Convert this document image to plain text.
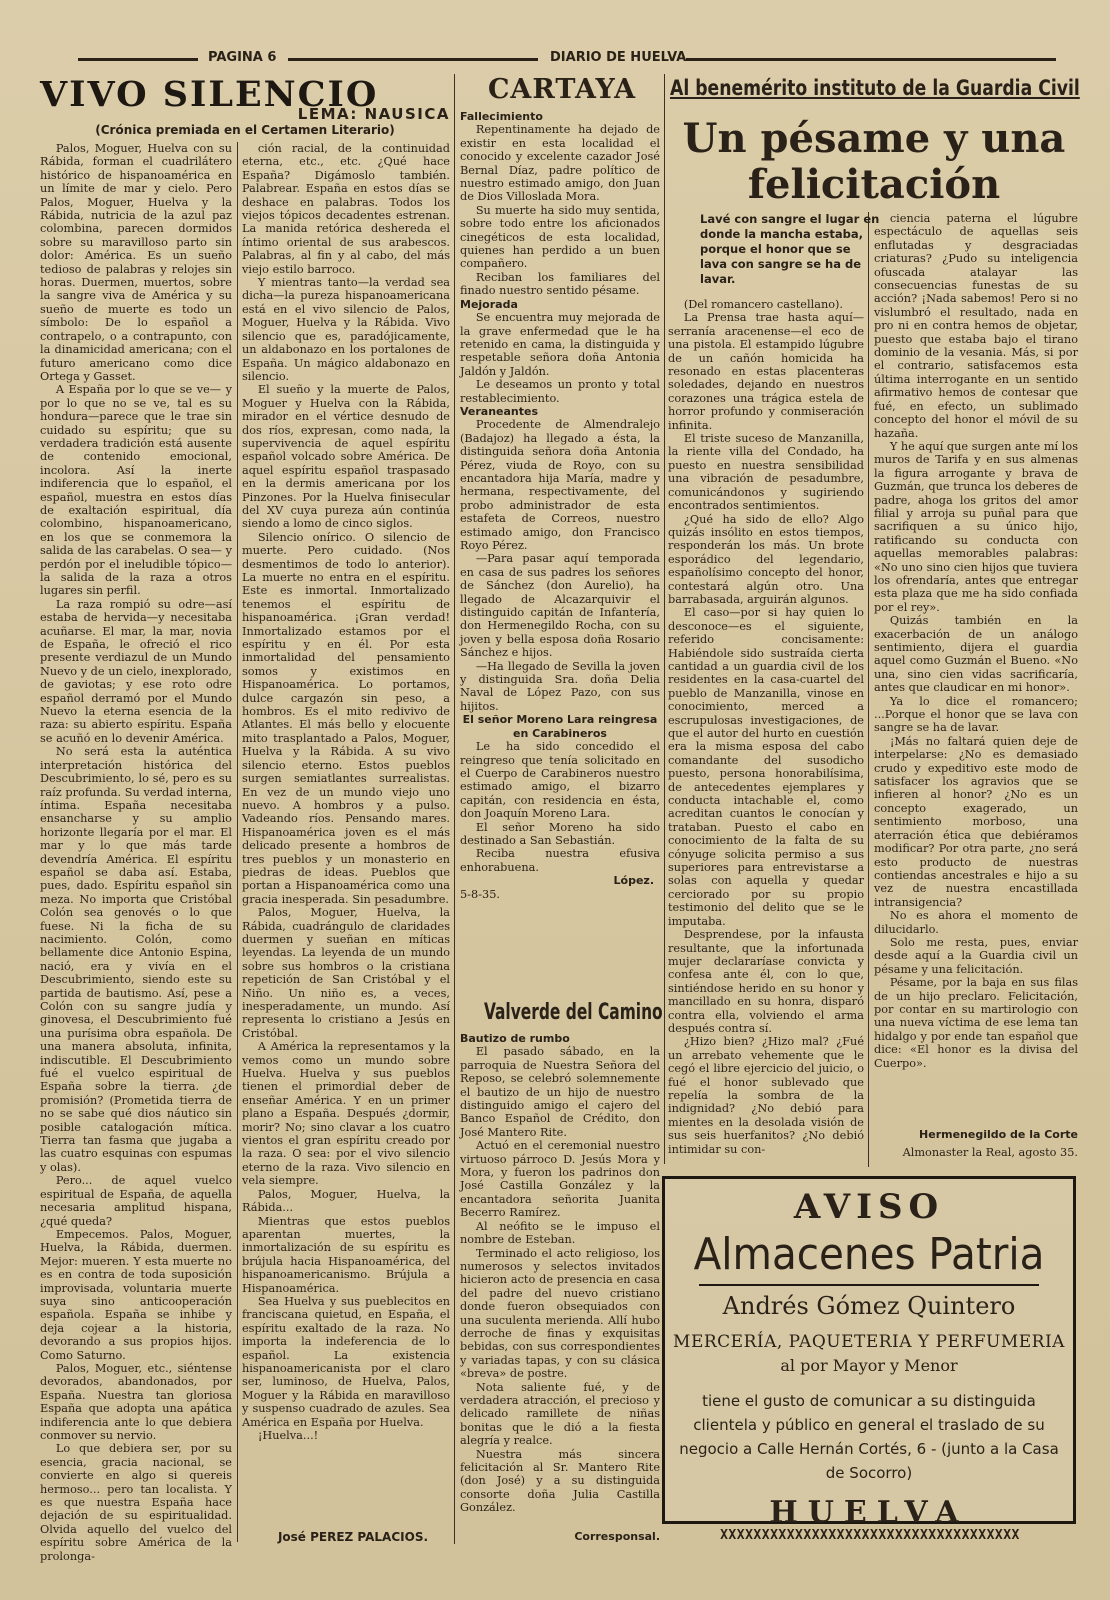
PAGINA 6	DIARIO DE HUELVA
VIVO SILENCIO
LEMA: NAUSICA
(Crónica premiada en el Certamen Literario)

Palos, Moguer, Huelva con su Rábida, forman el cuadrilátero histórico de hispanoamérica en un límite de mar y cielo. Pero Palos, Moguer, Huelva y la Rábida, nutricia de la azul paz colombina, parecen dormidos sobre su maravilloso parto sin dolor: América. Es un sueño tedioso de palabras y relojes sin horas. Duermen, muertos, sobre la sangre viva de América y su sueño de muerte es todo un símbolo: De lo español a contrapelo, o a contrapunto, con la dinamicidad americana; con el futuro americano como dice Ortega y Gasset.

A España por lo que se ve— y por lo que no se ve, tal es su hondura—parece que le trae sin cuidado su espíritu; que su verdadera tradición está ausente de contenido emocional, incolora. Así la inerte indiferencia que lo español, el español, muestra en estos días de exaltación espiritual, día colombino, hispanoamericano, en los que se conmemora la salida de las carabelas. O sea— y perdón por el ineludible tópico—la salida de la raza a otros lugares sin perfil.

La raza rompió su odre—así estaba de hervida—y necesitaba acuñarse. El mar, la mar, novia de España, le ofreció el rico presente verdiazul de un Mundo Nuevo y de un cielo, inexplorado, de gaviotas; y ese roto odre español derramó por el Mundo Nuevo la eterna esencia de la raza: su abierto espíritu. España se acuñó en lo devenir América.

No será esta la auténtica interpretación histórica del Descubrimiento, lo sé, pero es su raíz profunda. Su verdad interna, íntima. España necesitaba ensancharse y su amplio horizonte llegaría por el mar. El mar y lo que más tarde devendría América. El espíritu español se daba así. Estaba, pues, dado. Espíritu español sin meza. No importa que Cristóbal Colón sea genovés o lo que fuese. Ni la ficha de su nacimiento. Colón, como bellamente dice Antonio Espina, nació, era y vivía en el Descubrimiento, siendo este su partida de bautismo. Así, pese a Colón con su sangre judía y ginovesa, el Descubrimiento fué una purísima obra española. De una manera absoluta, infinita, indiscutible. El Descubrimiento fué el vuelco espiritual de España sobre la tierra. ¿de promisión? (Prometida tierra de no se sabe qué dios náutico sin posible catalogación mítica. Tierra tan fasma que jugaba a las cuatro esquinas con espumas y olas).

Pero... de aquel vuelco espiritual de España, de aquella necesaria amplitud hispana, ¿qué queda?

Empecemos. Palos, Moguer, Huelva, la Rábida, duermen. Mejor: mueren. Y esta muerte no es en contra de toda suposición improvisada, voluntaria muerte suya sino anticooperación española. España se inhibe y deja cojear a la historia, devorando a sus propios hijos. Como Saturno.

Palos, Moguer, etc., siéntense devorados, abandonados, por España. Nuestra tan gloriosa España que adopta una apática indiferencia ante lo que debiera conmover su nervio.

Lo que debiera ser, por su esencia, gracia nacional, se convierte en algo si quereis hermoso... pero tan localista. Y es que nuestra España hace dejación de su espiritualidad. Olvida aquello del vuelco del espíritu sobre América de la prolonga-

ción racial, de la continuidad eterna, etc., etc. ¿Qué hace España? Digámoslo también. Palabrear. España en estos días se deshace en palabras. Todos los viejos tópicos decadentes estrenan. La manida retórica deshereda el íntimo oriental de sus arabescos. Palabras, al fin y al cabo, del más viejo estilo barroco.

Y mientras tanto—la verdad sea dicha—la pureza hispanoamericana está en el vivo silencio de Palos, Moguer, Huelva y la Rábida. Vivo silencio que es, paradójicamente, un aldabonazo en los portalones de España. Un mágico aldabonazo en silencio.

El sueño y la muerte de Palos, Moguer y Huelva con la Rábida, mirador en el vértice desnudo de dos ríos, expresan, como nada, la supervivencia de aquel espíritu español volcado sobre América. De aquel espíritu español traspasado en la dermis americana por los Pinzones. Por la Huelva finisecular del XV cuya pureza aún continúa siendo a lomo de cinco siglos.

Silencio onírico. O silencio de muerte. Pero cuidado. (Nos desmentimos de todo lo anterior). La muerte no entra en el espíritu. Este es inmortal. Inmortalizado tenemos el espíritu de hispanoamérica. ¡Gran verdad! Inmortalizado estamos por el espíritu y en él. Por esta inmortalidad del pensamiento somos y existimos en Hispanoamérica. Lo portamos, dulce cargazón sin peso, a hombros. Es el mito redivivo de Atlantes. El más bello y elocuente mito trasplantado a Palos, Moguer, Huelva y la Rábida. A su vivo silencio eterno. Estos pueblos surgen semiatlantes surrealistas. En vez de un mundo viejo uno nuevo. A hombros y a pulso. Vadeando ríos. Pensando mares. Hispanoamérica joven es el más delicado presente a hombros de tres pueblos y un monasterio en piedras de ideas. Pueblos que portan a Hispanoamérica como una gracia inesperada. Sin pesadumbre.

Palos, Moguer, Huelva, la Rábida, cuadrángulo de claridades duermen y sueñan en míticas leyendas. La leyenda de un mundo sobre sus hombros o la cristiana repetición de San Cristóbal y el Niño. Un niño es, a veces, inesperadamente, un mundo. Así representa lo cristiano a Jesús en Cristóbal.

A América la representamos y la vemos como un mundo sobre Huelva. Huelva y sus pueblos tienen el primordial deber de enseñar América. Y en un primer plano a España. Después ¿dormir, morir? No; sino clavar a los cuatro vientos el gran espíritu creado por la raza. O sea: por el vivo silencio eterno de la raza. Vivo silencio en vela siempre.

Palos, Moguer, Huelva, la Rábida...

Mientras que estos pueblos aparentan muertes, la inmortalización de su espíritu es brújula hacia Hispanoamérica, del hispanoamericanismo. Brújula a Hispanoamérica.

Sea Huelva y sus pueblecitos en franciscana quietud, en España, el espíritu exaltado de la raza. No importa la indeferencia de lo español. La existencia hispanoamericanista por el claro ser, luminoso, de Huelva, Palos, Moguer y la Rábida en maravilloso y suspenso cuadrado de azules. Sea América en España por Huelva.

¡Huelva...!

José PEREZ PALACIOS.
CARTAYA

Fallecimiento

Repentinamente ha dejado de existir en esta localidad el conocido y excelente cazador José Bernal Díaz, padre político de nuestro estimado amigo, don Juan de Dios Villoslada Mora.

Su muerte ha sido muy sentida, sobre todo entre los aficionados cinegéticos de esta localidad, quienes han perdido a un buen compañero.

Reciban los familiares del finado nuestro sentido pésame.

Mejorada

Se encuentra muy mejorada de la grave enfermedad que le ha retenido en cama, la distinguida y respetable señora doña Antonia Jaldón y Jaldón.

Le deseamos un pronto y total restablecimiento.

Veraneantes

Procedente de Almendralejo (Badajoz) ha llegado a ésta, la distinguida señora doña Antonia Pérez, viuda de Royo, con su encantadora hija María, madre y hermana, respectivamente, del probo administrador de esta estafeta de Correos, nuestro estimado amigo, don Francisco Royo Pérez.

—Para pasar aquí temporada en casa de sus padres los señores de Sánchez (don Aurelio), ha llegado de Alcazarquivir el distinguido capitán de Infantería, don Hermenegildo Rocha, con su joven y bella esposa doña Rosario Sánchez e hijos.

—Ha llegado de Sevilla la joven y distinguida Sra. doña Delia Naval de López Pazo, con sus hijitos.

El señor Moreno Lara reingresa en Carabineros

Le ha sido concedido el reingreso que tenía solicitado en el Cuerpo de Carabineros nuestro estimado amigo, el bizarro capitán, con residencia en ésta, don Joaquín Moreno Lara.

El señor Moreno ha sido destinado a San Sebastián.

Reciba nuestra efusiva enhorabuena.

López.

5-8-35.

Valverde del Camino

Bautizo de rumbo

El pasado sábado, en la parroquia de Nuestra Señora del Reposo, se celebró solemnemente el bautizo de un hijo de nuestro distinguido amigo el cajero del Banco Español de Crédito, don José Mantero Rite.

Actuó en el ceremonial nuestro virtuoso párroco D. Jesús Mora y Mora, y fueron los padrinos don José Castilla González y la encantadora señorita Juanita Becerro Ramírez.

Al neófito se le impuso el nombre de Esteban.

Terminado el acto religioso, los numerosos y selectos invitados hicieron acto de presencia en casa del padre del nuevo cristiano donde fueron obsequiados con una suculenta merienda. Allí hubo derroche de finas y exquisitas bebidas, con sus correspondientes y variadas tapas, y con su clásica «breva» de postre.

Nota saliente fué, y de verdadera atracción, el precioso y delicado ramillete de niñas bonitas que le dió a la fiesta alegría y realce.

Nuestra más sincera felicitación al Sr. Mantero Rite (don José) y a su distinguida consorte doña Julia Castilla González.

Corresponsal.
Al benemérito instituto de la Guardia Civil
Un pésame y una felicitación
Lavé con sangre el lugar en donde la mancha estaba, porque el honor que se lava con sangre se ha de lavar.

(Del romancero castellano).

La Prensa trae hasta aquí—serranía aracenense—el eco de una pistola. El estampido lúgubre de un cañón homicida ha resonado en estas placenteras soledades, dejando en nuestros corazones una trágica estela de horror profundo y conmiseración infinita.

El triste suceso de Manzanilla, la riente villa del Condado, ha puesto en nuestra sensibilidad una vibración de pesadumbre, comunicándonos y sugiriendo encontrados sentimientos.

¿Qué ha sido de ello? Algo quizás insólito en estos tiempos, responderán los más. Un brote esporádico del legendario, españolísimo concepto del honor, contestará algún otro. Una barrabasada, arguirán algunos.

El caso—por si hay quien lo desconoce—es el siguiente, referido concisamente: Habiéndole sido sustraída cierta cantidad a un guardia civil de los residentes en la casa-cuartel del pueblo de Manzanilla, vinose en conocimiento, merced a escrupulosas investigaciones, de que el autor del hurto en cuestión era la misma esposa del cabo comandante del susodicho puesto, persona honorabilísima, de antecedentes ejemplares y conducta intachable el, como acreditan cuantos le conocían y trataban. Puesto el cabo en conocimiento de la falta de su cónyuge solicita permiso a sus superiores para entrevistarse a solas con aquella y quedar cerciorado por su propio testimonio del delito que se le imputaba.

Desprendese, por la infausta resultante, que la infortunada mujer declararíase convicta y confesa ante él, con lo que, sintiéndose herido en su honor y mancillado en su honra, disparó contra ella, volviendo el arma después contra sí.

¿Hizo bien? ¿Hizo mal? ¿Fué un arrebato vehemente que le cegó el libre ejercicio del juicio, o fué el honor sublevado que repelía la sombra de la indignidad? ¿No debió para mientes en la desolada visión de sus seis huerfanitos? ¿No debió intimidar su con-

ciencia paterna el lúgubre espectáculo de aquellas seis enflutadas y desgraciadas criaturas? ¿Pudo su inteligencia ofuscada atalayar las consecuencias funestas de su acción? ¡Nada sabemos! Pero si no vislumbró el resultado, nada en pro ni en contra hemos de objetar, puesto que estaba bajo el tirano dominio de la vesania. Más, si por el contrario, satisfacemos esta última interrogante en un sentido afirmativo hemos de contesar que fué, en efecto, un sublimado concepto del honor el móvil de su hazaña.

Y he aquí que surgen ante mí los muros de Tarifa y en sus almenas la figura arrogante y brava de Guzmán, que trunca los deberes de padre, ahoga los gritos del amor filial y arroja su puñal para que sacrifiquen a su único hijo, ratificando su conducta con aquellas memorables palabras: «No uno sino cien hijos que tuviera los ofrendaría, antes que entregar esta plaza que me ha sido confiada por el rey».

Quizás también en la exacerbación de un análogo sentimiento, dijera el guardia aquel como Guzmán el Bueno. «No una, sino cien vidas sacrificaría, antes que claudicar en mi honor».

Ya lo dice el romancero; ...Porque el honor que se lava con sangre se ha de lavar.

¡Más no faltará quien deje de interpelarse: ¿No es demasiado crudo y expeditivo este modo de satisfacer los agravios que se infieren al honor? ¿No es un concepto exagerado, un sentimiento morboso, una aterración ética que debiéramos modificar? Por otra parte, ¿no será esto producto de nuestras contiendas ancestrales e hijo a su vez de nuestra encastillada intransigencia?

No es ahora el momento de dilucidarlo.

Solo me resta, pues, enviar desde aquí a la Guardia civil un pésame y una felicitación.

Pésame, por la baja en sus filas de un hijo preclaro. Felicitación, por contar en su martirologio con una nueva víctima de ese lema tan hidalgo y por ende tan español que dice: «El honor es la divisa del Cuerpo».

Hermenegildo de la Corte
Almonaster la Real, agosto 35.
AVISO
Almacenes Patria
Andrés Gómez Quintero
MERCERÍA, PAQUETERIA Y PERFUMERIA
al por Mayor y Menor
tiene el gusto de comunicar a su distinguida clientela y público en general el traslado de su negocio a Calle Hernán Cortés, 6 - (junto a la Casa de Socorro)
HUELVA
XXXXXXXXXXXXXXXXXXXXXXXXXXXXXXXXXXXX
